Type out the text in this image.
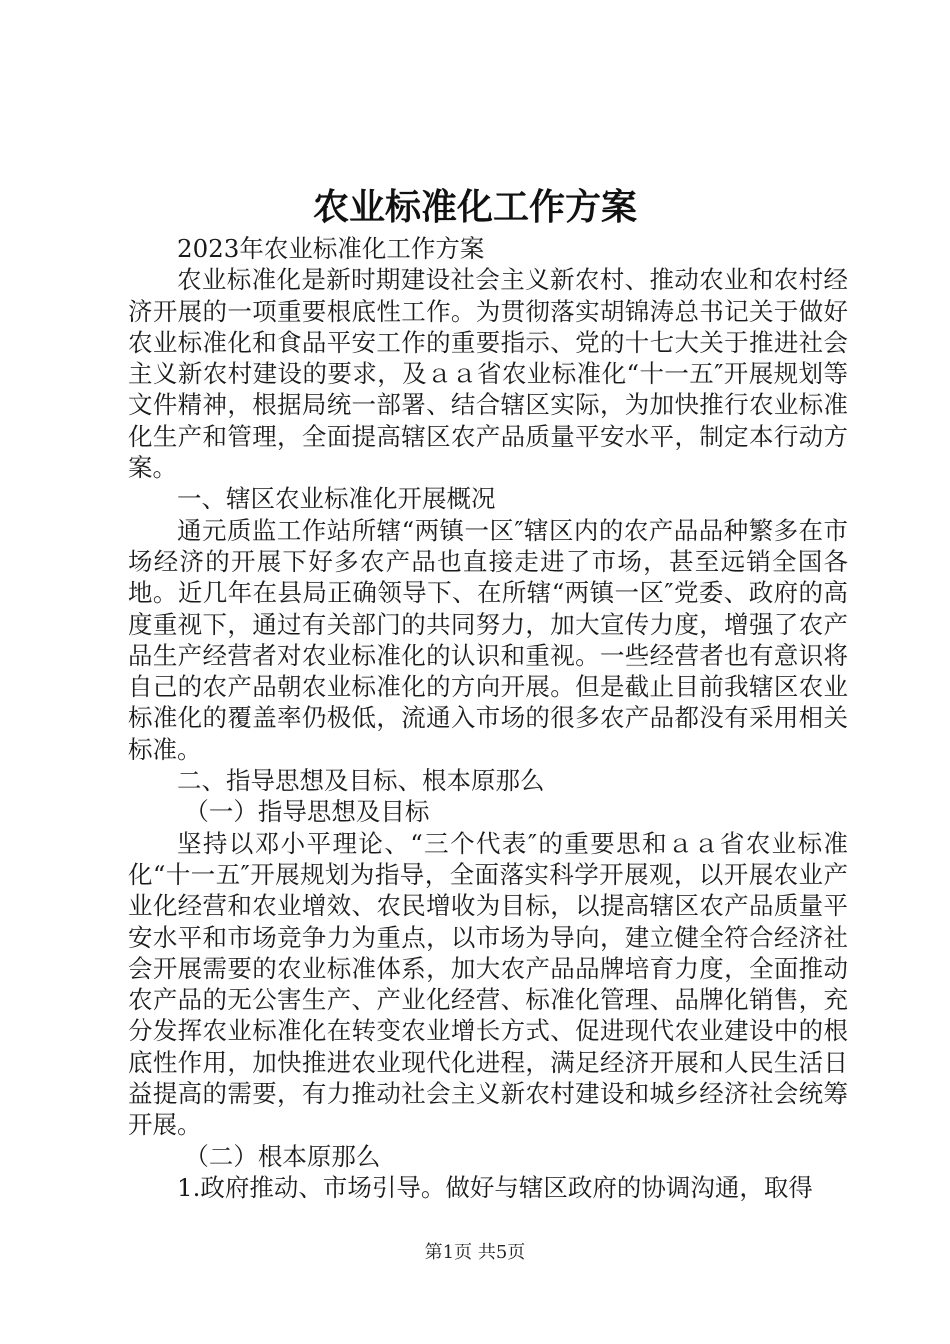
农业标准化工作方案

2023年农业标准化工作方案

农业标准化是新时期建设社会主义新农村、推动农业和农村经济开展的一项重要根底性工作。为贯彻落实胡锦涛总书记关于做好农业标准化和食品平安工作的重要指示、党的十七大关于推进社会主义新农村建设的要求，及ａａ省农业标准化“十一五″开展规划等文件精神，根据局统一部署、结合辖区实际，为加快推行农业标准化生产和管理，全面提高辖区农产品质量平安水平，制定本行动方案。

一、辖区农业标准化开展概况

通元质监工作站所辖“两镇一区″辖区内的农产品品种繁多在市场经济的开展下好多农产品也直接走进了市场，甚至远销全国各地。近几年在县局正确领导下、在所辖“两镇一区″党委、政府的高度重视下，通过有关部门的共同努力，加大宣传力度，增强了农产品生产经营者对农业标准化的认识和重视。一些经营者也有意识将自己的农产品朝农业标准化的方向开展。但是截止目前我辖区农业标准化的覆盖率仍极低，流通入市场的很多农产品都没有采用相关标准。

二、指导思想及目标、根本原那么

（一）指导思想及目标

坚持以邓小平理论、“三个代表″的重要思和ａａ省农业标准化“十一五″开展规划为指导，全面落实科学开展观，以开展农业产业化经营和农业增效、农民增收为目标，以提高辖区农产品质量平安水平和市场竞争力为重点，以市场为导向，建立健全符合经济社会开展需要的农业标准体系，加大农产品品牌培育力度，全面推动农产品的无公害生产、产业化经营、标准化管理、品牌化销售，充分发挥农业标准化在转变农业增长方式、促进现代农业建设中的根底性作用，加快推进农业现代化进程，满足经济开展和人民生活日益提高的需要，有力推动社会主义新农村建设和城乡经济社会统筹开展。

（二）根本原那么

1.政府推动、市场引导。做好与辖区政府的协调沟通，取得

第1页 共5页
